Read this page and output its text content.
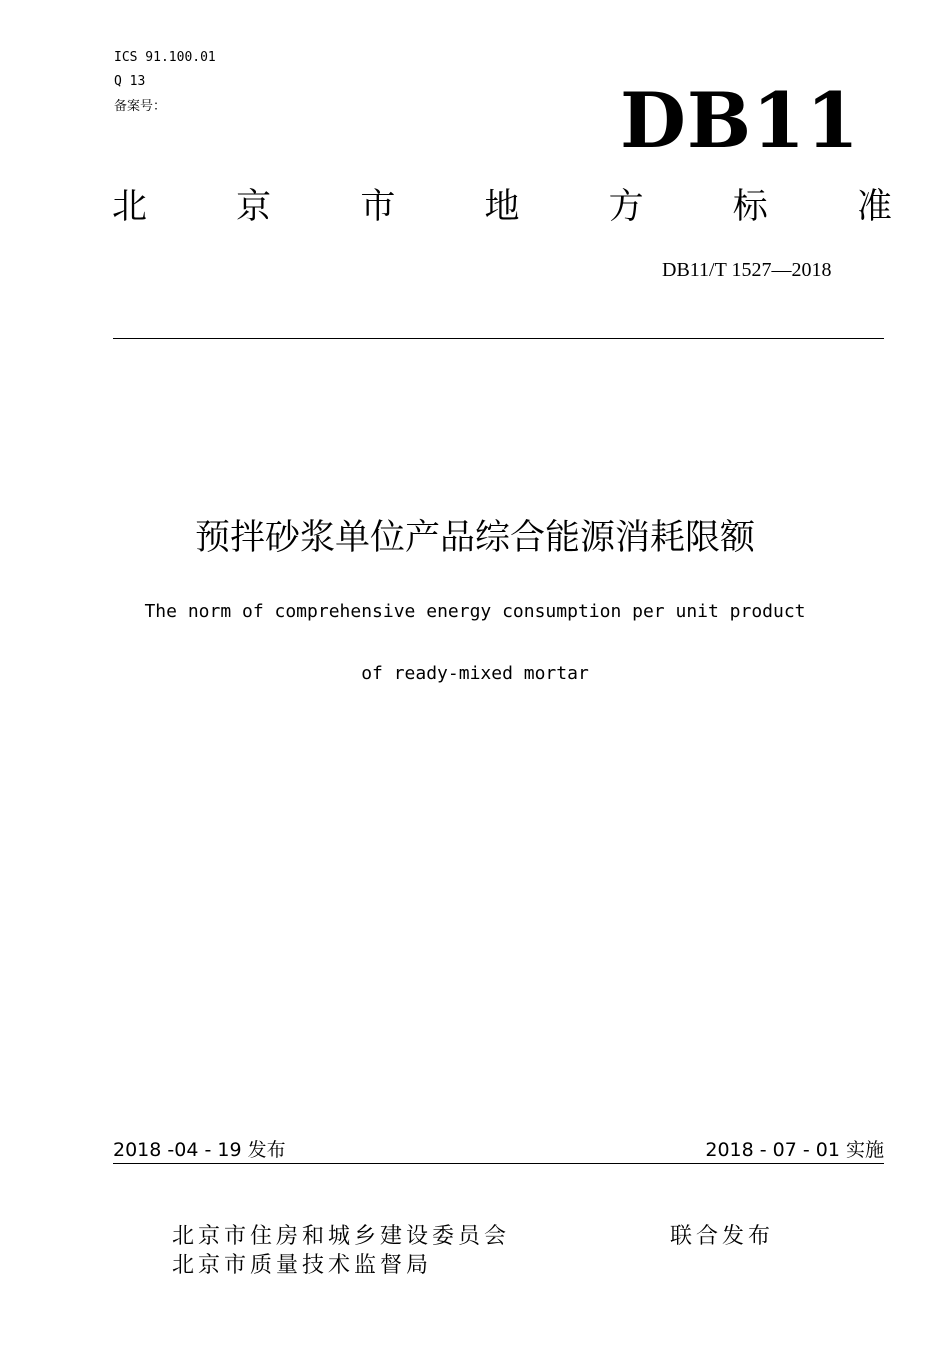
ICS 91.100.01
Q 13
备案号：	DB11
北	京	市	地	方	标	准
DB11/T 1527—2018
预拌砂浆单位产品综合能源消耗限额
The norm of comprehensive energy consumption per unit product
of ready-mixed mortar
2018 -04 - 19 发布	2018 - 07 - 01 实施
北京市住房和城乡建设委员会
北京市质量技术监督局
联合发布
